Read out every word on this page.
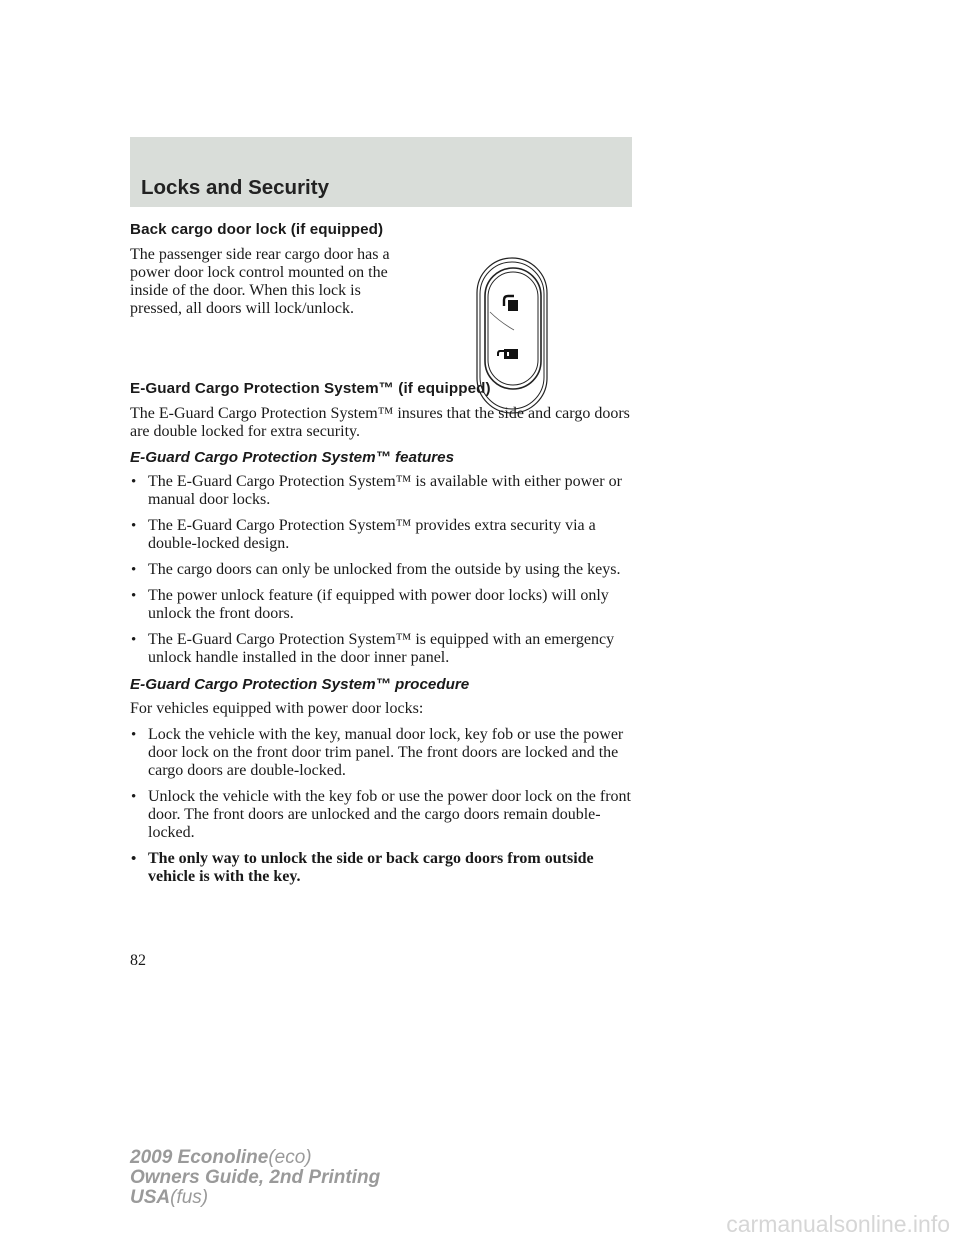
Locks and Security
Back cargo door lock (if equipped)

The passenger side rear cargo door has a power door lock control mounted on the inside of the door. When this lock is pressed, all doors will lock/unlock.

E-Guard Cargo Protection System™ (if equipped)

The E-Guard Cargo Protection System™ insures that the side and cargo doors are double locked for extra security.

E-Guard Cargo Protection System™ features
• The E-Guard Cargo Protection System™ is available with either power or manual door locks.
• The E-Guard Cargo Protection System™ provides extra security via a double-locked design.
• The cargo doors can only be unlocked from the outside by using the keys.
• The power unlock feature (if equipped with power door locks) will only unlock the front doors.
• The E-Guard Cargo Protection System™ is equipped with an emergency unlock handle installed in the door inner panel.
E-Guard Cargo Protection System™ procedure

For vehicles equipped with power door locks:

• Lock the vehicle with the key, manual door lock, key fob or use the power door lock on the front door trim panel. The front doors are locked and the cargo doors are double-locked.
• Unlock the vehicle with the key fob or use the power door lock on the front door. The front doors are unlocked and the cargo doors remain double-locked.
• The only way to unlock the side or back cargo doors from outside vehicle is with the key.
82
2009 Econoline(eco)
Owners Guide, 2nd Printing
USA(fus)
carmanualsonline.info
